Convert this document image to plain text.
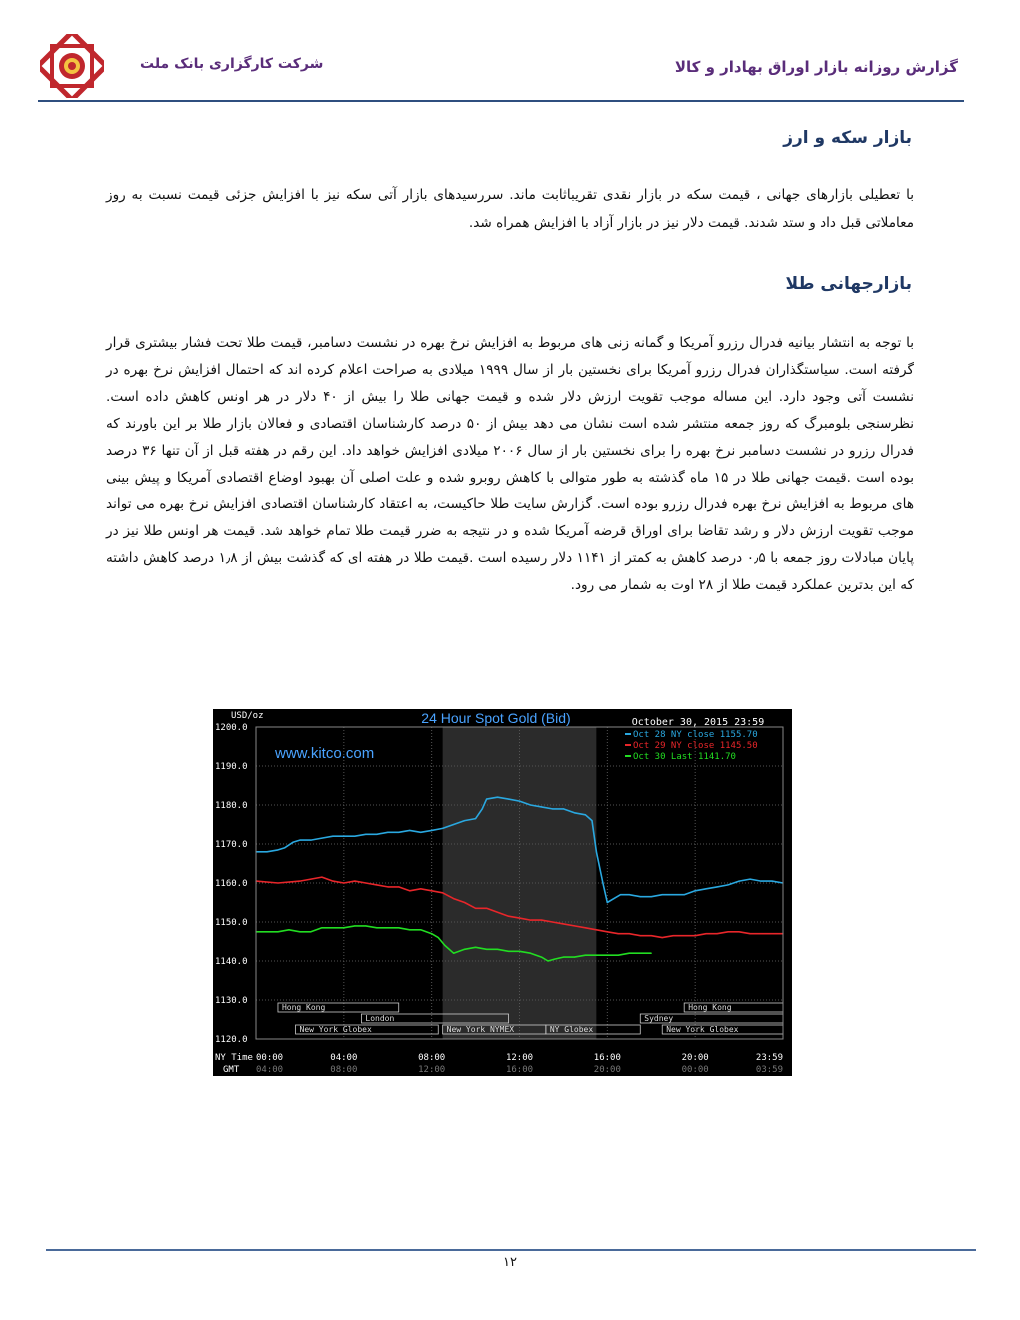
شرکت کارگزاری بانک ملت	گزارش روزانه بازار اوراق بهادار و کالا
بازار سکه و ارز

با تعطیلی بازارهای جهانی ، قیمت سکه در بازار نقدی تقریباثابت ماند. سررسیدهای بازار آتی سکه نیز با افزایش جزئی قیمت نسبت به روز معاملاتی قبل داد و ستد شدند. قیمت دلار نیز در بازار آزاد با افزایش همراه شد.

بازارجهانی طلا

با توجه به انتشار بیانیه فدرال رزرو آمریکا و گمانه زنی های مربوط به افزایش نرخ بهره در نشست دسامبر، قیمت طلا تحت فشار بیشتری قرار گرفته است. سیاستگذاران فدرال رزرو آمریکا برای نخستین بار از سال ۱۹۹۹ میلادی به صراحت اعلام کرده اند که احتمال افزایش نرخ بهره در نشست آتی وجود دارد. این مساله موجب تقویت ارزش دلار شده و قیمت جهانی طلا را بیش از ۴۰ دلار در هر اونس کاهش داده است. نظرسنجی بلومبرگ که روز جمعه منتشر شده است نشان می دهد بیش از ۵۰ درصد کارشناسان اقتصادی و فعالان بازار طلا بر این باورند که فدرال رزرو در نشست دسامبر نرخ بهره را برای نخستین بار از سال ۲۰۰۶ میلادی افزایش خواهد داد. این رقم در هفته قبل از آن تنها ۳۶ درصد بوده است .قیمت جهانی طلا در ۱۵ ماه گذشته به طور متوالی با کاهش روبرو شده و علت اصلی آن بهبود اوضاع اقتصادی آمریکا و پیش بینی های مربوط به افزایش نرخ بهره فدرال رزرو بوده است. گزارش سایت طلا حاکیست، به اعتقاد کارشناسان اقتصادی افزایش نرخ بهره می تواند موجب تقویت ارزش دلار و رشد تقاضا برای اوراق قرضه آمریکا شده و در نتیجه به ضرر قیمت طلا تمام خواهد شد. قیمت هر اونس طلا نیز در پایان مبادلات روز جمعه با ۰٫۵ درصد کاهش به کمتر از ۱۱۴۱ دلار رسیده است .قیمت طلا در هفته ای که گذشت بیش از ۱٫۸ درصد کاهش داشته که این بدترین عملکرد قیمت طلا از ۲۸ اوت به شمار می رود.

Hong Kong
London
New York Globex	New York NYMEX	NY Globex
Hong Kong
Sydney
New York Globex
1200.0
1190.0
1180.0
1170.0
1160.0
1150.0
1140.0
1130.0
1120.0
00:00	04:00	08:00	12:00	16:00	20:00	23:59
04:00	08:00	12:00	16:00	20:00	00:00	03:59
USD/oz	24 Hour Spot Gold (Bid)	October 30, 2015 23:59
www.kitco.com
Oct 28 NY close 1155.70
Oct 29 NY close 1145.50
Oct 30 Last 1141.70
NY Time
GMT
۱۲
